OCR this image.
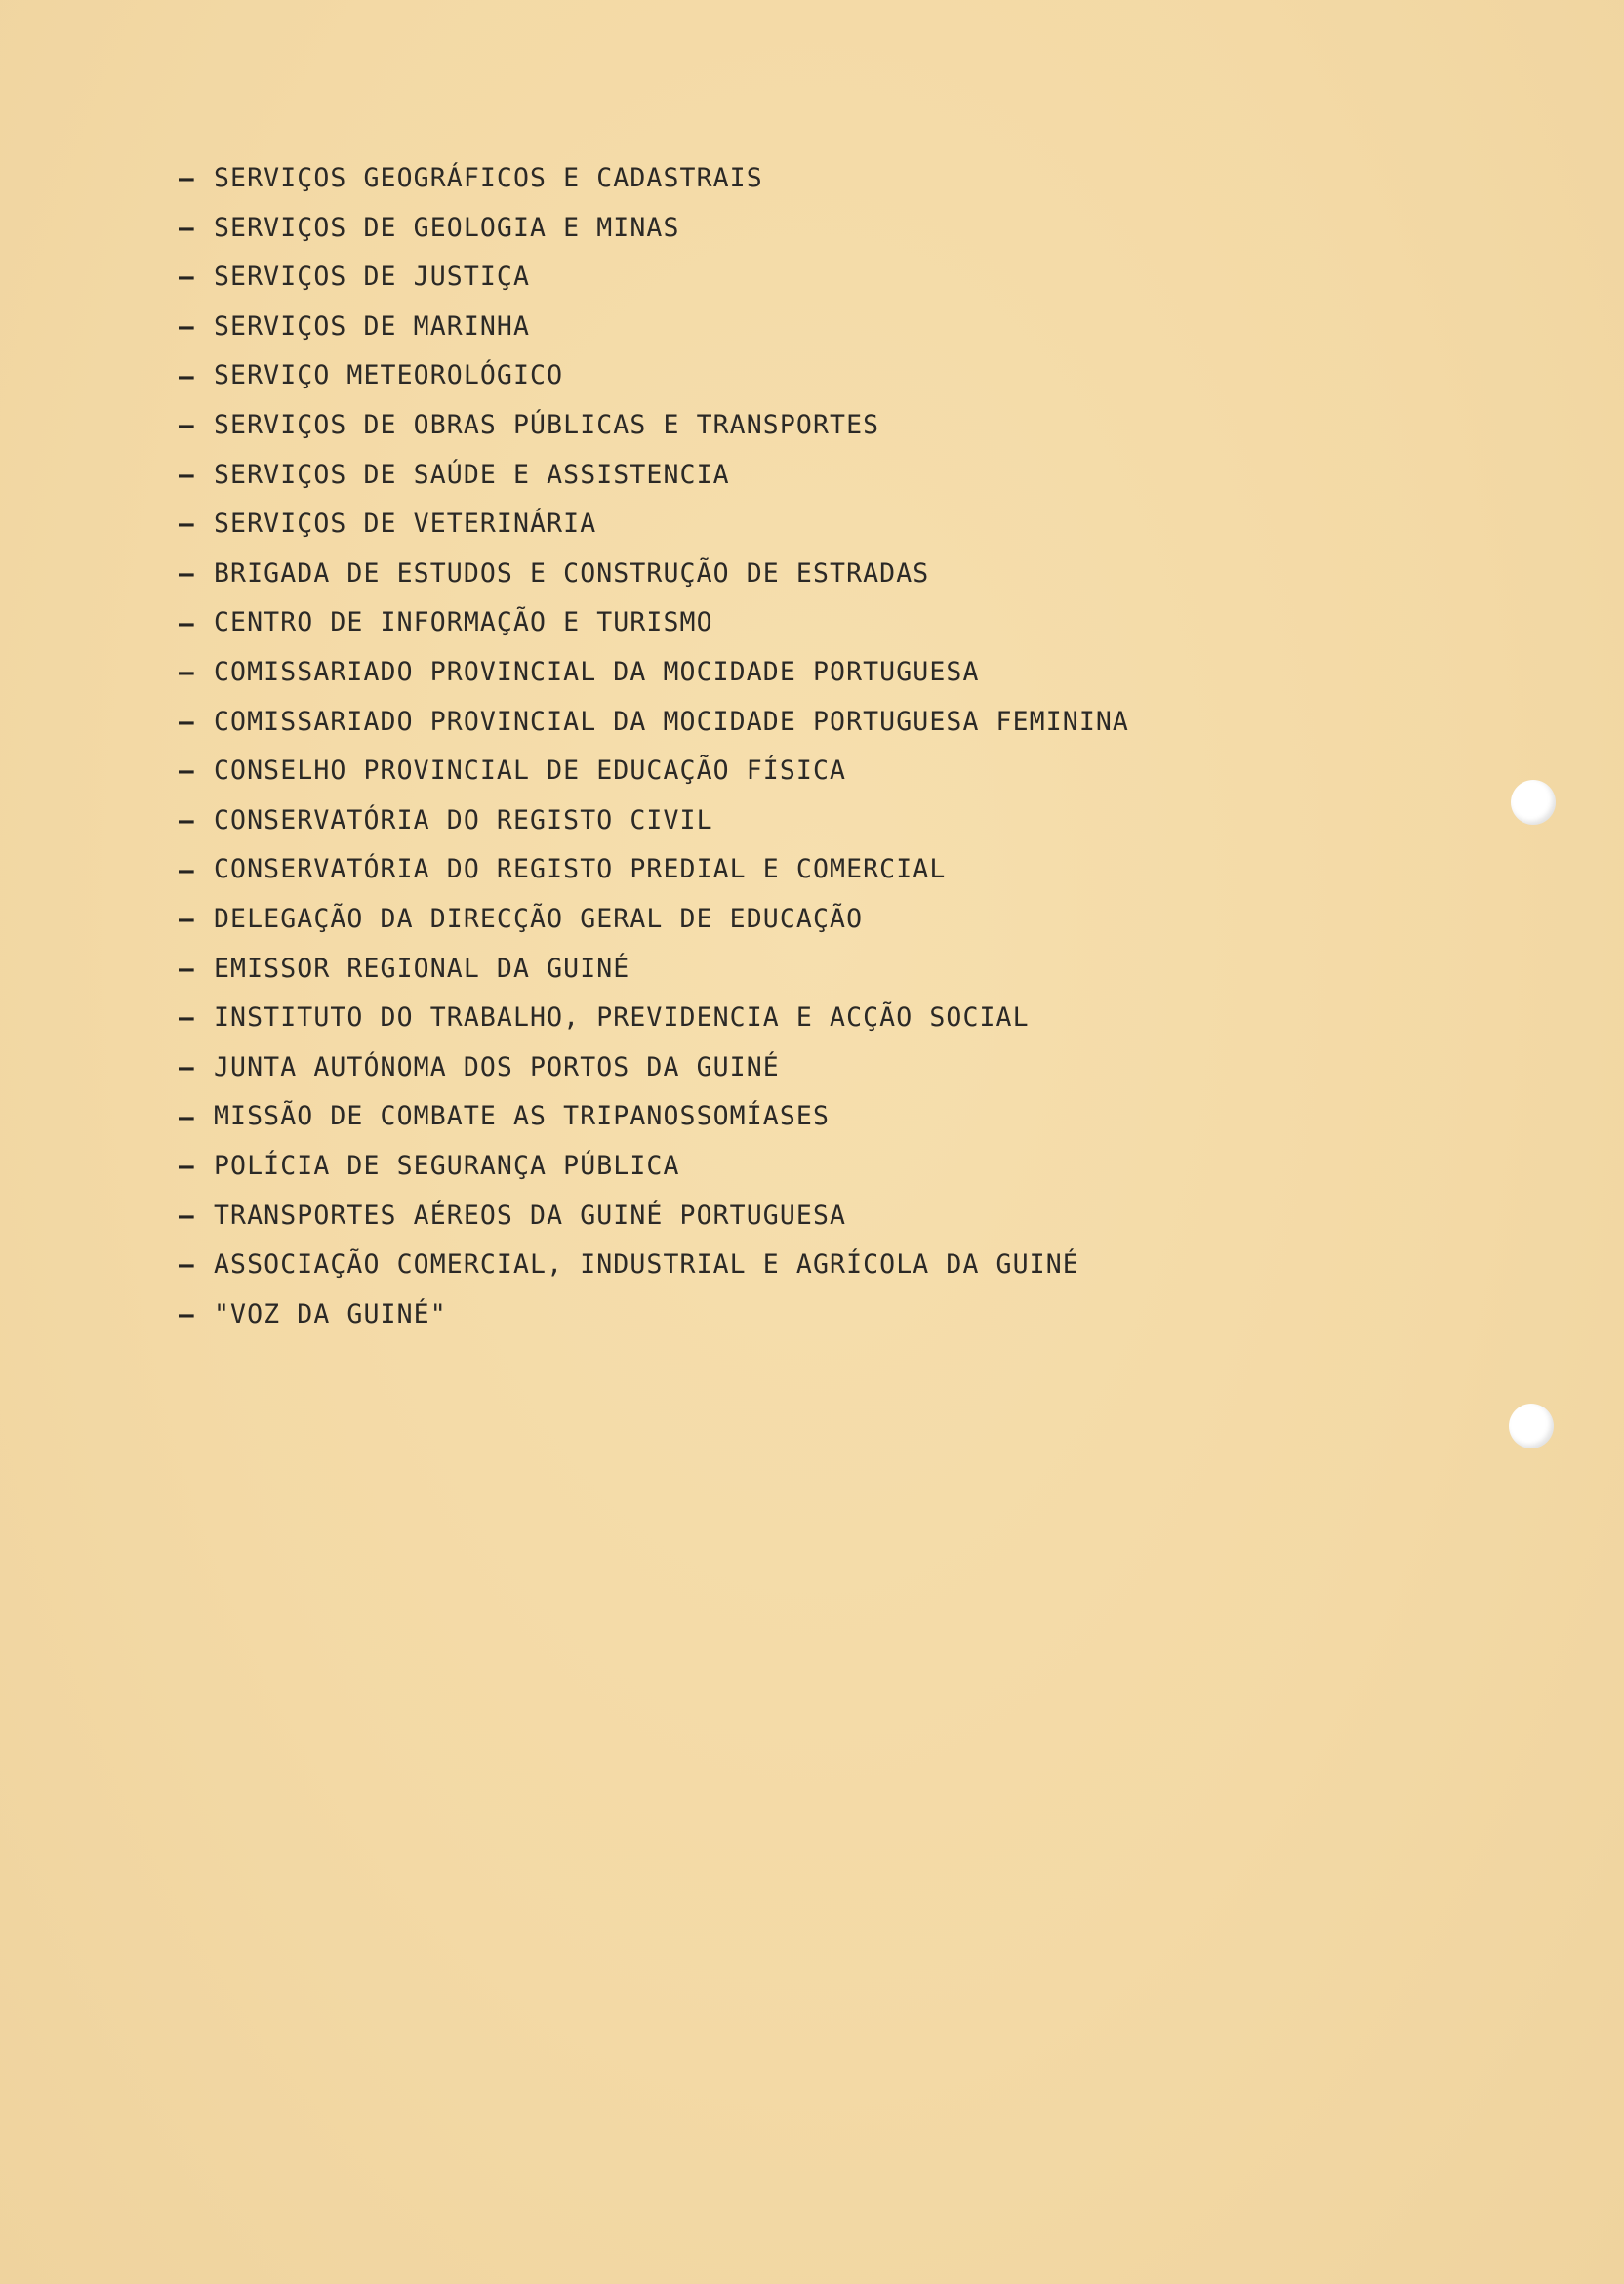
– SERVIÇOS GEOGRÁFICOS E CADASTRAIS
– SERVIÇOS DE GEOLOGIA E MINAS
– SERVIÇOS DE JUSTIÇA
– SERVIÇOS DE MARINHA
– SERVIÇO METEOROLÓGICO
– SERVIÇOS DE OBRAS PÚBLICAS E TRANSPORTES
– SERVIÇOS DE SAÚDE E ASSISTENCIA
– SERVIÇOS DE VETERINÁRIA
– BRIGADA DE ESTUDOS E CONSTRUÇÃO DE ESTRADAS
– CENTRO DE INFORMAÇÃO E TURISMO
– COMISSARIADO PROVINCIAL DA MOCIDADE PORTUGUESA
– COMISSARIADO PROVINCIAL DA MOCIDADE PORTUGUESA FEMININA
– CONSELHO PROVINCIAL DE EDUCAÇÃO FÍSICA
– CONSERVATÓRIA DO REGISTO CIVIL
– CONSERVATÓRIA DO REGISTO PREDIAL E COMERCIAL
– DELEGAÇÃO DA DIRECÇÃO GERAL DE EDUCAÇÃO
– EMISSOR REGIONAL DA GUINÉ
– INSTITUTO DO TRABALHO, PREVIDENCIA E ACÇÃO SOCIAL
– JUNTA AUTÓNOMA DOS PORTOS DA GUINÉ
– MISSÃO DE COMBATE AS TRIPANOSSOMÍASES
– POLÍCIA DE SEGURANÇA PÚBLICA
– TRANSPORTES AÉREOS DA GUINÉ PORTUGUESA
– ASSOCIAÇÃO COMERCIAL, INDUSTRIAL E AGRÍCOLA DA GUINÉ
– "VOZ DA GUINÉ"
